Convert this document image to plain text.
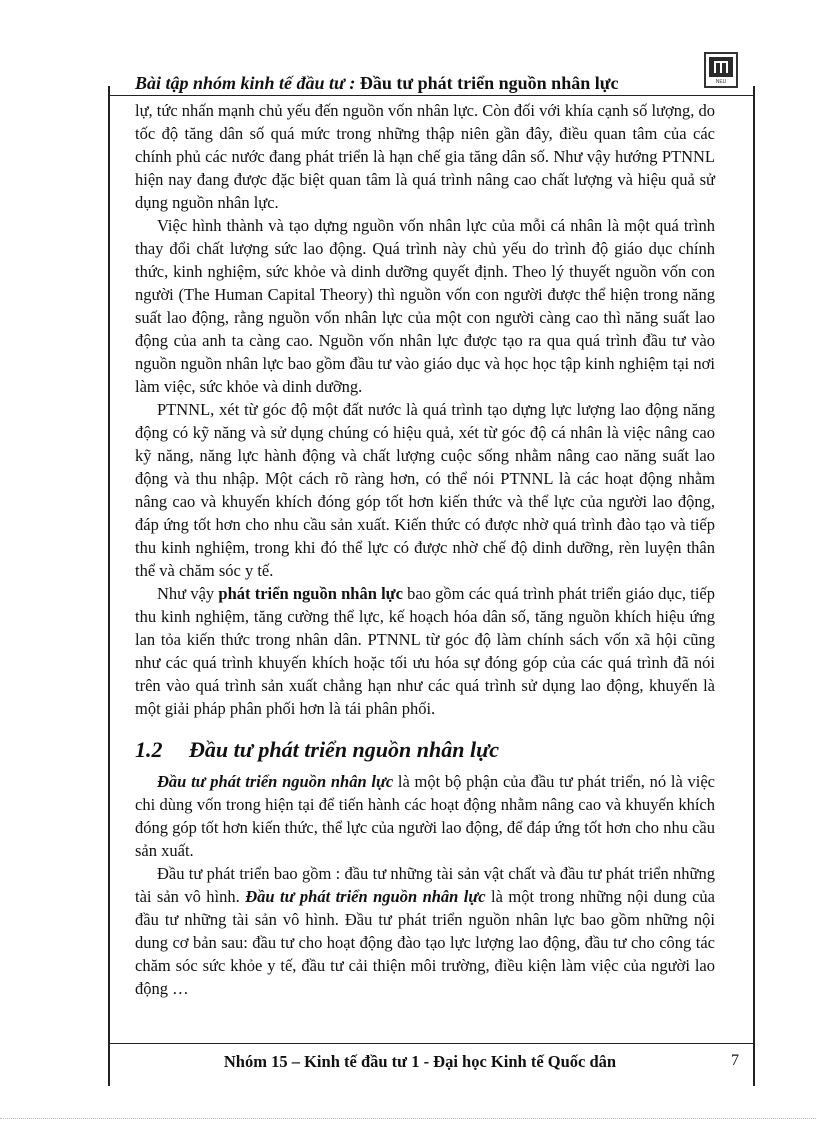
Bài tập nhóm kinh tế đầu tư : Đầu tư phát triển nguồn nhân lực	NEU

lự, tức nhấn mạnh chủ yếu đến nguồn vốn nhân lực. Còn đối với khía cạnh số lượng, do tốc độ tăng dân số quá mức trong những thập niên gần đây, điều quan tâm của các chính phủ các nước đang phát triển là hạn chế gia tăng dân số. Như vậy hướng PTNNL hiện nay đang được đặc biệt quan tâm là quá trình nâng cao chất lượng và hiệu quả sử dụng nguồn nhân lực.

Việc hình thành và tạo dựng nguồn vốn nhân lực của mỗi cá nhân là một quá trình thay đổi chất lượng sức lao động. Quá trình này chủ yếu do trình độ giáo dục chính thức, kinh nghiệm, sức khỏe và dinh dưỡng quyết định. Theo lý thuyết nguồn vốn con người (The Human Capital Theory) thì nguồn vốn con người được thể hiện trong năng suất lao động, rằng nguồn vốn nhân lực của một con người càng cao thì năng suất lao động của anh ta càng cao. Nguồn vốn nhân lực được tạo ra qua quá trình đầu tư vào nguồn nguồn nhân lực bao gồm đầu tư vào giáo dục và học học tập kinh nghiệm tại nơi làm việc, sức khỏe và dinh dưỡng.

PTNNL, xét từ góc độ một đất nước là quá trình tạo dựng lực lượng lao động năng động có kỹ năng và sử dụng chúng có hiệu quả, xét từ góc độ cá nhân là việc nâng cao kỹ năng, năng lực hành động và chất lượng cuộc sống nhằm nâng cao năng suất lao động và thu nhập. Một cách rõ ràng hơn, có thể nói PTNNL là các hoạt động nhằm nâng cao và khuyến khích đóng góp tốt hơn kiến thức và thể lực của người lao động, đáp ứng tốt hơn cho nhu cầu sản xuất. Kiến thức có được nhờ quá trình đào tạo và tiếp thu kinh nghiệm, trong khi đó thể lực có được nhờ chế độ dinh dưỡng, rèn luyện thân thể và chăm sóc y tế.

Như vậy phát triển nguồn nhân lực bao gồm các quá trình phát triển giáo dục, tiếp thu kinh nghiệm, tăng cường thể lực, kế hoạch hóa dân số, tăng nguồn khích hiệu ứng lan tỏa kiến thức trong nhân dân. PTNNL từ góc độ làm chính sách vốn xã hội cũng như các quá trình khuyến khích hoặc tối ưu hóa sự đóng góp của các quá trình đã nói trên vào quá trình sản xuất chẳng hạn như các quá trình sử dụng lao động, khuyến là một giải pháp phân phối hơn là tái phân phối.

1.2 Đầu tư phát triển nguồn nhân lực

Đầu tư phát triển nguồn nhân lực là một bộ phận của đầu tư phát triển, nó là việc chi dùng vốn trong hiện tại để tiến hành các hoạt động nhằm nâng cao và khuyến khích đóng góp tốt hơn kiến thức, thể lực của người lao động, để đáp ứng tốt hơn cho nhu cầu sản xuất.

Đầu tư phát triển bao gồm : đầu tư những tài sản vật chất và đầu tư phát triển những tài sản vô hình. Đầu tư phát triển nguồn nhân lực là một trong những nội dung của đầu tư những tài sản vô hình. Đầu tư phát triển nguồn nhân lực bao gồm những nội dung cơ bản sau: đầu tư cho hoạt động đào tạo lực lượng lao động, đầu tư cho công tác chăm sóc sức khỏe y tế, đầu tư cải thiện môi trường, điều kiện làm việc của người lao động …

Nhóm 15 – Kinh tế đầu tư 1 - Đại học Kinh tế Quốc dân	7
